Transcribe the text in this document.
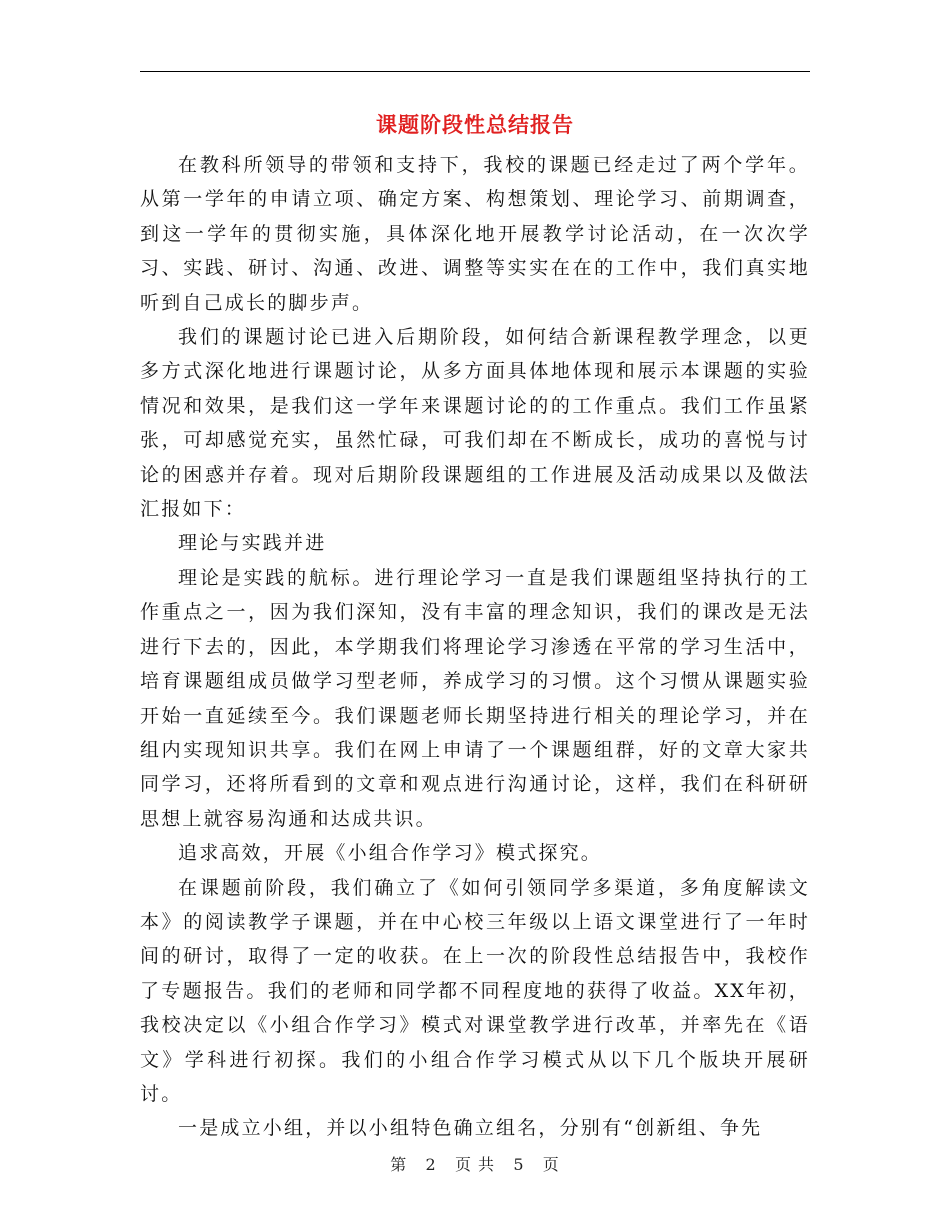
课题阶段性总结报告

在教科所领导的带领和支持下，我校的课题已经走过了两个学年。从第一学年的申请立项、确定方案、构想策划、理论学习、前期调查，到这一学年的贯彻实施，具体深化地开展教学讨论活动，在一次次学习、实践、研讨、沟通、改进、调整等实实在在的工作中，我们真实地听到自己成长的脚步声。

我们的课题讨论已进入后期阶段，如何结合新课程教学理念，以更多方式深化地进行课题讨论，从多方面具体地体现和展示本课题的实验情况和效果，是我们这一学年来课题讨论的的工作重点。我们工作虽紧张，可却感觉充实，虽然忙碌，可我们却在不断成长，成功的喜悦与讨论的困惑并存着。现对后期阶段课题组的工作进展及活动成果以及做法汇报如下：

理论与实践并进

理论是实践的航标。进行理论学习一直是我们课题组坚持执行的工作重点之一，因为我们深知，没有丰富的理念知识，我们的课改是无法进行下去的，因此，本学期我们将理论学习渗透在平常的学习生活中，培育课题组成员做学习型老师，养成学习的习惯。这个习惯从课题实验开始一直延续至今。我们课题老师长期坚持进行相关的理论学习，并在组内实现知识共享。我们在网上申请了一个课题组群，好的文章大家共同学习，还将所看到的文章和观点进行沟通讨论，这样，我们在科研研思想上就容易沟通和达成共识。

追求高效，开展《小组合作学习》模式探究。

在课题前阶段，我们确立了《如何引领同学多渠道，多角度解读文本》的阅读教学子课题，并在中心校三年级以上语文课堂进行了一年时间的研讨，取得了一定的收获。在上一次的阶段性总结报告中，我校作了专题报告。我们的老师和同学都不同程度地的获得了收益。XX年初，我校决定以《小组合作学习》模式对课堂教学进行改革，并率先在《语文》学科进行初探。我们的小组合作学习模式从以下几个版块开展研讨。

一是成立小组，并以小组特色确立组名，分别有“创新组、争先

第 2 页 共 5 页
